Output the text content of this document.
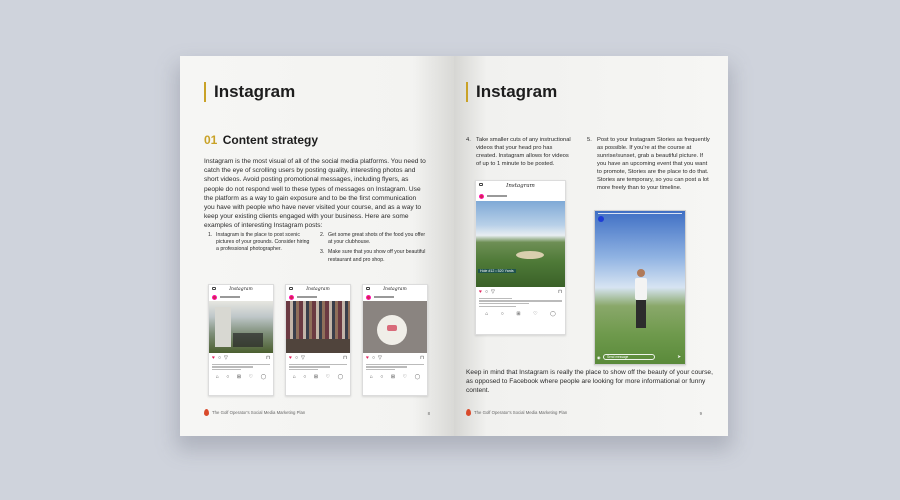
Instagram
01 Content strategy

Instagram is the most visual of all of the social media platforms. You need to catch the eye of scrolling users by posting quality, interesting photos and short videos. Avoid posting promotional messages, including flyers, as people do not respond well to these types of messages on Instagram. Use the platform as a way to gain exposure and to be the first communication you have with people who have never visited your course, and as a way to keep your existing clients engaged with your business. Here are some examples of interesting Instagram posts:

1. Instagram is the place to post scenic pictures of your grounds. Consider hiring a professional photographer.
2. Get some great shots of the food you offer at your clubhouse.
3. Make sure that you show off your beautiful restaurant and pro shop.
Instagram
♥ ○ ▽	⊓
⌂ ○ ⊞ ♡ ◯
Instagram
♥ ○ ▽	⊓
⌂ ○ ⊞ ♡ ◯
Instagram
♥ ○ ▽	⊓
⌂ ○ ⊞ ♡ ◯
The Golf Operator's Social Media Marketing Plan	8
Instagram
4. Take smaller cuts of any instructional videos that your head pro has created. Instagram allows for videos of up to 1 minute to be posted.
5. Post to your Instagram Stories as frequently as possible. If you're at the course at sunrise/sunset, grab a beautiful picture. If you have an upcoming event that you want to promote, Stories are the place to do that. Stories are temporary, so you can post a lot more freely than to your timeline.
Instagram
Hole #12 • 520 Yards
♥ ○ ▽	⊓
⌂	○	⊞	♡	◯
◉	Send message	➤

Keep in mind that Instagram is really the place to show off the beauty of your course, as opposed to Facebook where people are looking for more informational or funny content.

The Golf Operator's Social Media Marketing Plan	9
